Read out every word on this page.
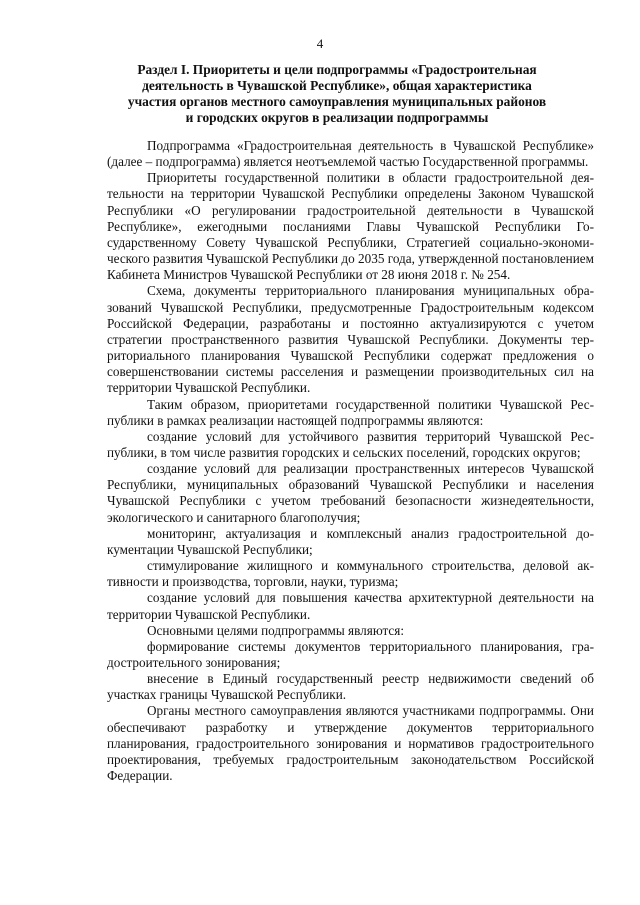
4
Раздел I. Приоритеты и цели подпрограммы «Градостроительная
деятельность в Чувашской Республике», общая характеристика
участия органов местного самоуправления муниципальных районов
и городских округов в реализации подпрограммы

Подпрограмма «Градостроительная деятельность в Чувашской Республике» (далее – подпрограмма) является неотъемлемой частью Государственной программы.

Приоритеты государственной политики в области градостроительной деятельности на территории Чувашской Республики определены Законом Чувашской Республики «О регулировании градостроительной деятельности в Чувашской Республике», ежегодными посланиями Главы Чувашской Республики Государственному Совету Чувашской Республики, Стратегией социально-экономического развития Чувашской Республики до 2035 года, утвержденной постановлением Кабинета Министров Чувашской Республики от 28 июня 2018 г. № 254.

Схема, документы территориального планирования муниципальных образований Чувашской Республики, предусмотренные Градостроительным кодексом Российской Федерации, разработаны и постоянно актуализируются с учетом стратегии пространственного развития Чувашской Республики. Документы территориального планирования Чувашской Республики содержат предложения о совершенствовании системы расселения и размещении производительных сил на территории Чувашской Республики.

Таким образом, приоритетами государственной политики Чувашской Республики в рамках реализации настоящей подпрограммы являются:

создание условий для устойчивого развития территорий Чувашской Республики, в том числе развития городских и сельских поселений, городских округов;

создание условий для реализации пространственных интересов Чувашской Республики, муниципальных образований Чувашской Республики и населения Чувашской Республики с учетом требований безопасности жизнедеятельности, экологического и санитарного благополучия;

мониторинг, актуализация и комплексный анализ градостроительной документации Чувашской Республики;

стимулирование жилищного и коммунального строительства, деловой активности и производства, торговли, науки, туризма;

создание условий для повышения качества архитектурной деятельности на территории Чувашской Республики.

Основными целями подпрограммы являются:

формирование системы документов территориального планирования, градостроительного зонирования;

внесение в Единый государственный реестр недвижимости сведений об участках границы Чувашской Республики.

Органы местного самоуправления являются участниками подпрограммы. Они обеспечивают разработку и утверждение документов территориального планирования, градостроительного зонирования и нормативов градостроительного проектирования, требуемых градостроительным законодательством Российской Федерации.
